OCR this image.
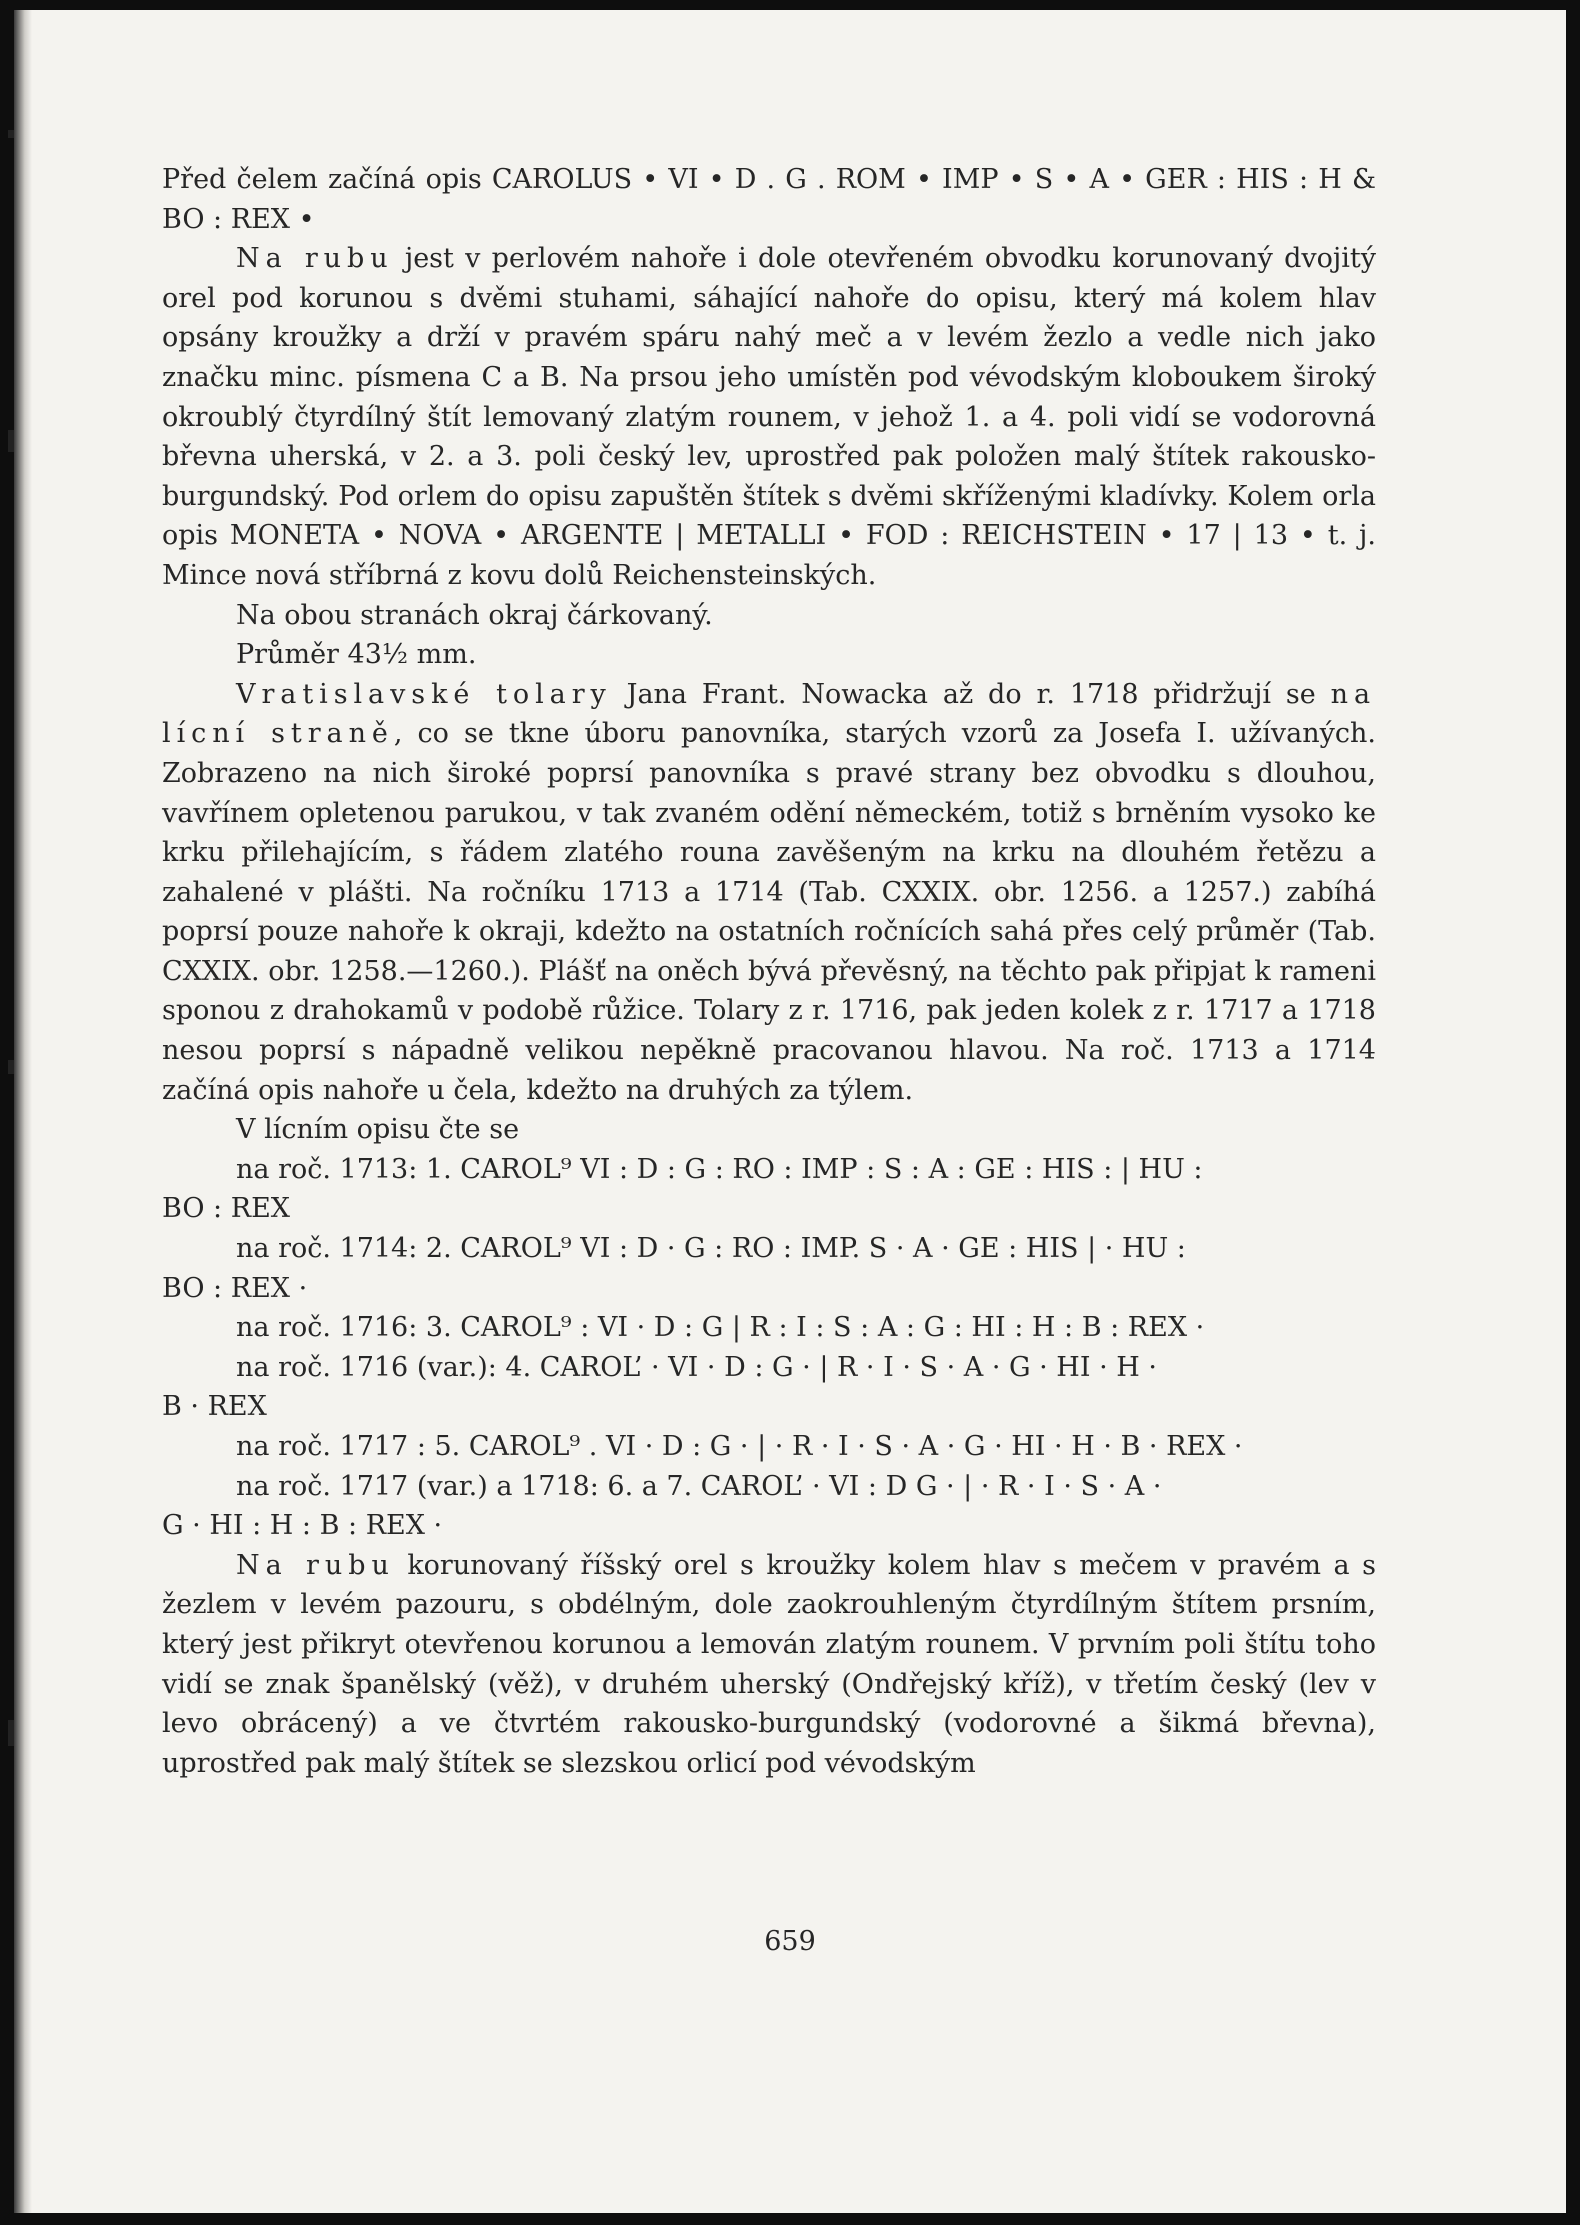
Před čelem začíná opis CAROLUS • VI • D . G . ROM • IMP • S • A • GER : HIS : H & BO : REX •

Na rubu jest v perlovém nahoře i dole otevřeném obvodku korunovaný dvojitý orel pod korunou s dvěmi stuhami, sáhající nahoře do opisu, který má kolem hlav opsány kroužky a drží v pravém spáru nahý meč a v levém žezlo a vedle nich jako značku minc. písmena C a B. Na prsou jeho umístěn pod vévodským kloboukem široký okroublý čtyrdílný štít lemovaný zlatým rounem, v jehož 1. a 4. poli vidí se vodorovná břevna uherská, v 2. a 3. poli český lev, uprostřed pak položen malý štítek rakousko-burgundský. Pod orlem do opisu zapuštěn štítek s dvěmi skříženými kladívky. Kolem orla opis MONETA • NOVA • ARGENTE | METALLI • FOD : REICHSTEIN • 17 | 13 • t. j. Mince nová stříbrná z kovu dolů Reichensteinských.

Na obou stranách okraj čárkovaný.

Průměr 43½ mm.

Vratislavské tolary Jana Frant. Nowacka až do r. 1718 přidržují se na lícní straně, co se tkne úboru panovníka, starých vzorů za Josefa I. užívaných. Zobrazeno na nich široké poprsí panovníka s pravé strany bez obvodku s dlouhou, vavřínem opletenou parukou, v tak zvaném odění německém, totiž s brněním vysoko ke krku přilehajícím, s řádem zlatého rouna zavěšeným na krku na dlouhém řetězu a zahalené v plášti. Na ročníku 1713 a 1714 (Tab. CXXIX. obr. 1256. a 1257.) zabíhá poprsí pouze nahoře k okraji, kdežto na ostatních ročnících sahá přes celý průměr (Tab. CXXIX. obr. 1258.—1260.). Plášť na oněch bývá převěsný, na těchto pak připjat k rameni sponou z drahokamů v podobě růžice. Tolary z r. 1716, pak jeden kolek z r. 1717 a 1718 nesou poprsí s nápadně velikou nepěkně pracovanou hlavou. Na roč. 1713 a 1714 začíná opis nahoře u čela, kdežto na druhých za týlem.

V lícním opisu čte se

na roč. 1713: 1. CAROL⁹ VI : D : G : RO : IMP : S : A : GE : HIS : | HU :

BO : REX

na roč. 1714: 2. CAROL⁹ VI : D · G : RO : IMP. S · A · GE : HIS | · HU :

BO : REX ·

na roč. 1716: 3. CAROL⁹ : VI · D : G | R : I : S : A : G : HI : H : B : REX ·

na roč. 1716 (var.): 4. CAROL’ · VI · D : G · | R · I · S · A · G · HI · H ·

B · REX

na roč. 1717 : 5. CAROL⁹ . VI · D : G · | · R · I · S · A · G · HI · H · B · REX ·

na roč. 1717 (var.) a 1718: 6. a 7. CAROL’ · VI : D G · | · R · I · S · A ·

G · HI : H : B : REX ·

Na rubu korunovaný říšský orel s kroužky kolem hlav s mečem v pravém a s žezlem v levém pazouru, s obdélným, dole zaokrouhleným čtyrdílným štítem prsním, který jest přikryt otevřenou korunou a lemován zlatým rounem. V prvním poli štítu toho vidí se znak španělský (věž), v druhém uherský (Ondřejský kříž), v třetím český (lev v levo obrácený) a ve čtvrtém rakousko-burgundský (vodorovné a šikmá břevna), uprostřed pak malý štítek se slezskou orlicí pod vévodským

659
